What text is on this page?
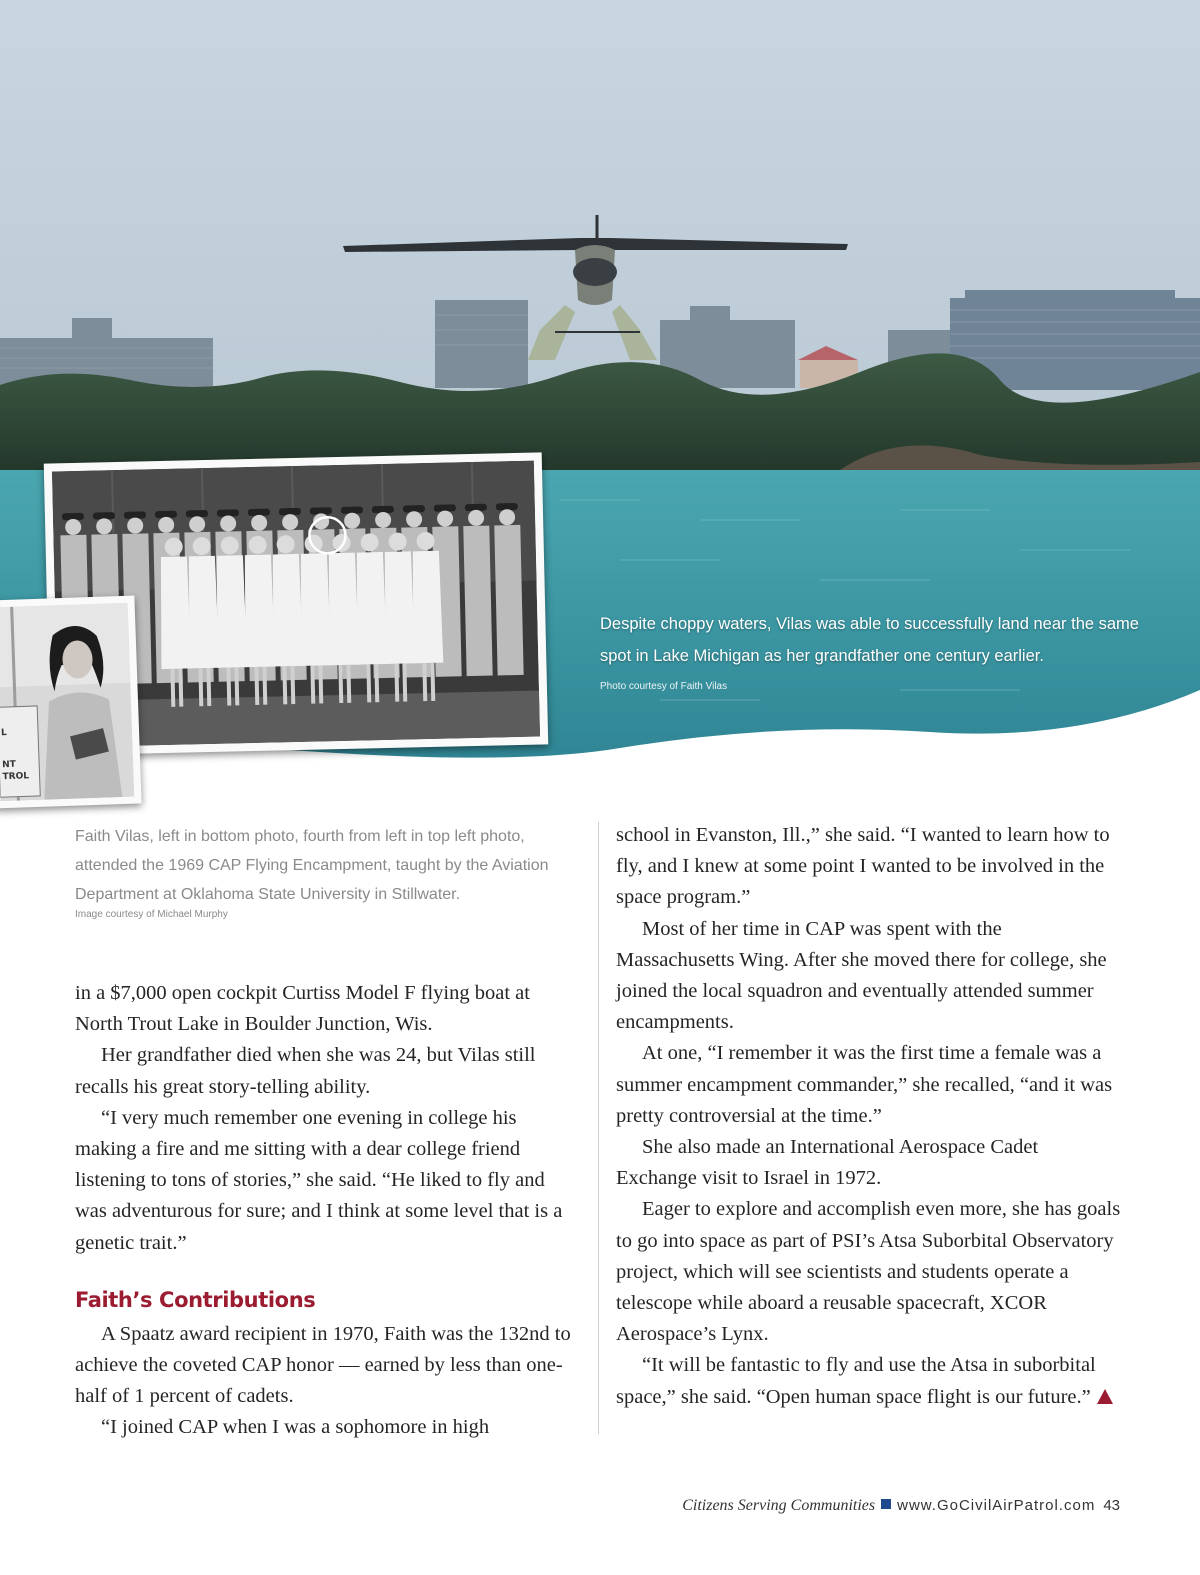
Despite choppy waters, Vilas was able to successfully land near the same spot in Lake Michigan as her grandfather one century earlier.
Photo courtesy of Faith Vilas
L
NT
TROL
Faith Vilas, left in bottom photo, fourth from left in top left photo, attended the 1969 CAP Flying Encampment, taught by the Aviation Department at Oklahoma State University in Stillwater.
Image courtesy of Michael Murphy

in a $7,000 open cockpit Curtiss Model F flying boat at North Trout Lake in Boulder Junction, Wis.

Her grandfather died when she was 24, but Vilas still recalls his great story-telling ability.

“I very much remember one evening in college his making a fire and me sitting with a dear college friend listening to tons of stories,” she said. “He liked to fly and was adventurous for sure; and I think at some level that is a genetic trait.”

Faith’s Contributions

A Spaatz award recipient in 1970, Faith was the 132nd to achieve the coveted CAP honor — earned by less than one-half of 1 percent of cadets.

“I joined CAP when I was a sophomore in high

school in Evanston, Ill.,” she said. “I wanted to learn how to fly, and I knew at some point I wanted to be involved in the space program.”

Most of her time in CAP was spent with the Massachusetts Wing. After she moved there for college, she joined the local squadron and eventually attended summer encampments.

At one, “I remember it was the first time a female was a summer encampment commander,” she recalled, “and it was pretty controversial at the time.”

She also made an International Aerospace Cadet Exchange visit to Israel in 1972.

Eager to explore and accomplish even more, she has goals to go into space as part of PSI’s Atsa Suborbital Observatory project, which will see scientists and students operate a telescope while aboard a reusable spacecraft, XCOR Aerospace’s Lynx.

“It will be fantastic to fly and use the Atsa in suborbital space,” she said. “Open human space flight is our future.”

Citizens Serving Communities www.GoCivilAirPatrol.com 43
